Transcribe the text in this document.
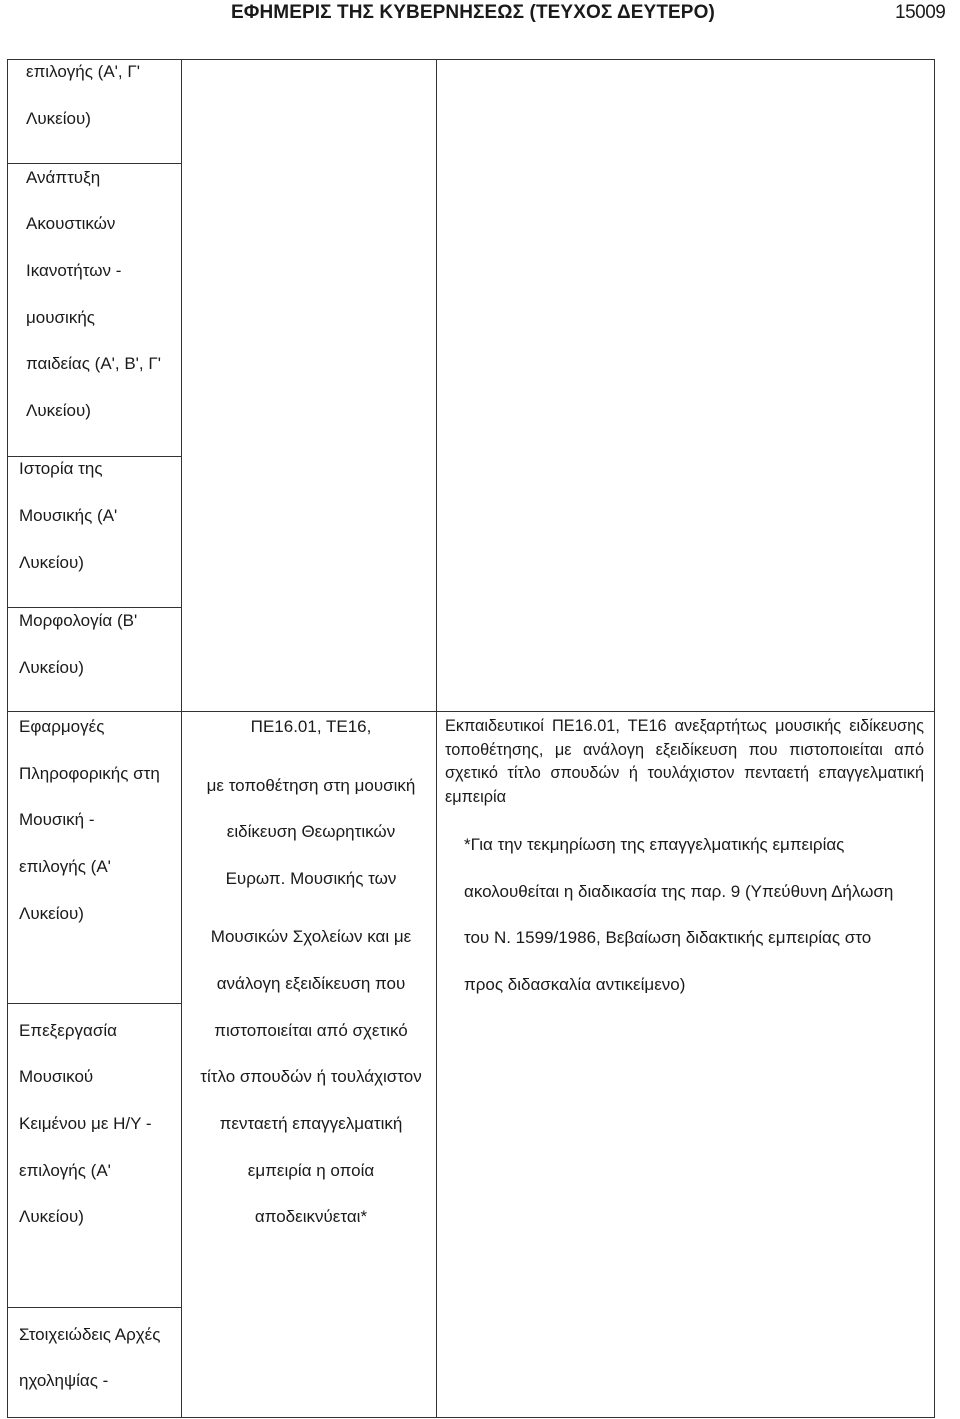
ΕΦΗΜΕΡΙΣ ΤΗΣ ΚΥΒΕΡΝΗΣΕΩΣ (ΤΕΥΧΟΣ ΔΕΥΤΕΡΟ)	15009
επιλογής (Α', Γ'
Λυκείου)
Ανάπτυξη
Ακουστικών
Ικανοτήτων -
μουσικής
παιδείας (Α', Β', Γ'
Λυκείου)
Ιστορία της
Μουσικής (Α'
Λυκείου)
Μορφολογία (Β'
Λυκείου)
Εφαρμογές
Πληροφορικής στη
Μουσική -
επιλογής (Α'
Λυκείου)
Επεξεργασία
Μουσικού
Κειμένου με Η/Υ -
επιλογής (Α'
Λυκείου)
Στοιχειώδεις Αρχές
ηχοληψίας -
ΠΕ16.01, ΤΕ16,
με τοποθέτηση στη μουσική
ειδίκευση Θεωρητικών
Ευρωπ. Μουσικής των
Μουσικών Σχολείων και με
ανάλογη εξειδίκευση που
πιστοποιείται από σχετικό
τίτλο σπουδών ή τουλάχιστον
πενταετή επαγγελματική
εμπειρία η οποία
αποδεικνύεται*
Εκπαιδευτικοί ΠΕ16.01, ΤΕ16 ανεξαρτήτως μουσικής ειδίκευσης τοποθέτησης, με ανάλογη εξειδίκευση που πιστοποιείται από σχετικό τίτλο σπουδών ή τουλάχιστον πενταετή επαγγελματική εμπειρία
*Για την τεκμηρίωση της επαγγελματικής εμπειρίας
ακολουθείται η διαδικασία της παρ. 9 (Υπεύθυνη Δήλωση
του Ν. 1599/1986, Βεβαίωση διδακτικής εμπειρίας στο
προς διδασκαλία αντικείμενο)
